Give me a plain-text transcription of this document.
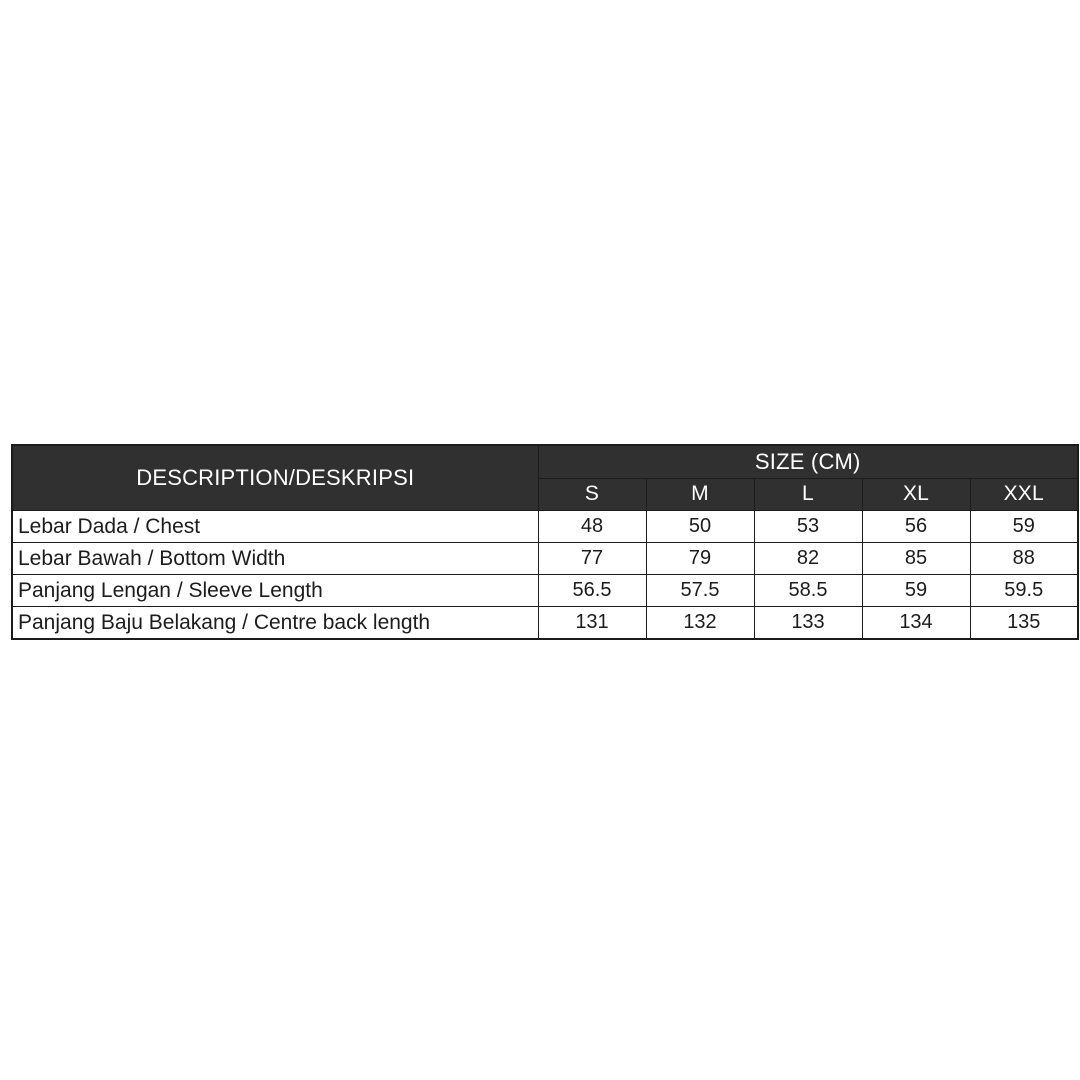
DESCRIPTION/DESKRIPSI	SIZE (CM)				
	S	M	L	XL	XXL
Lebar Dada / Chest	48	50	53	56	59
Lebar Bawah / Bottom Width	77	79	82	85	88
Panjang Lengan / Sleeve Length	56.5	57.5	58.5	59	59.5
Panjang Baju Belakang / Centre back length	131	132	133	134	135
